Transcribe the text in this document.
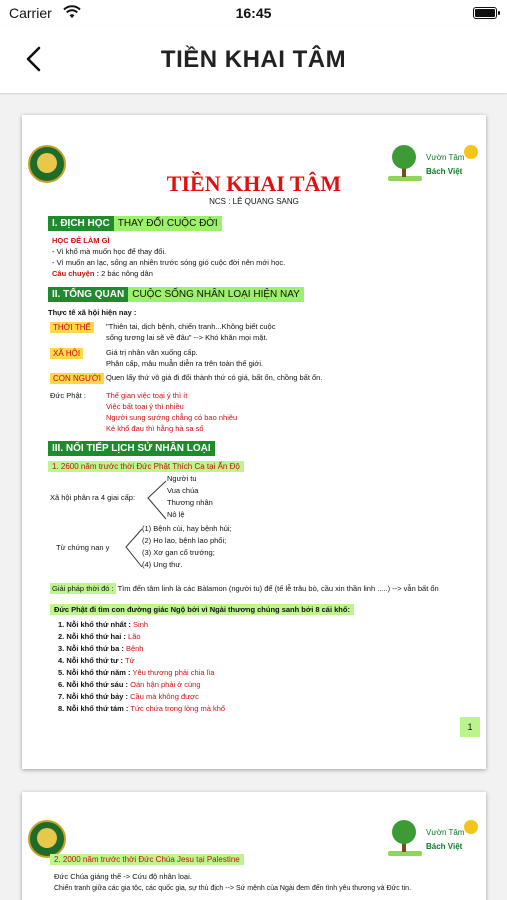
Carrier	16:45
TIỀN KHAI TÂM
Vườn Tâm
Bách Việt
TIỀN KHAI TÂM
NCS : LÊ QUANG SANG
I. ĐỊCH HỌC THAY ĐỔI CUỘC ĐỜI
HỌC ĐỂ LÀM GÌ
- Vì khổ mà muốn học để thay đổi.
- Vì muốn an lạc, sống an nhiên trước sóng gió cuộc đời nên mới học.
Câu chuyện : 2 bác nông dân
II. TỔNG QUAN CUỘC SỐNG NHÂN LOẠI HIỆN NAY
Thực tế xã hội hiện nay :
THỜI THẾ	"Thiên tai, dịch bệnh, chiến tranh...Không biết cuộc
sống tương lai sẽ về đâu" --> Khó khăn mọi mặt.
XÃ HỘI	Giá trị nhân văn xuống cấp.
Phân cấp, mâu muẫn diễn ra trên toàn thế giới.
CON NGƯỜI Quen lấy thứ vô giá đi đổi thành thứ có giá, bất ổn, chồng bất ổn.
Đức Phật :	Thế gian việc toại ý thì ít
Việc bất toại ý thì nhiều
Người sung sướng chẳng có bao nhiêu
Kẻ khổ đau thì hằng hà sa số
III. NỐI TIẾP LỊCH SỬ NHÂN LOẠI
1. 2600 năm trước thời Đức Phật Thích Ca tại Ấn Độ
Xã hội phân ra 4 giai cấp:
Người tu
Vua chúa
Thương nhân
Nô lệ
Từ chứng nan y
(1) Bệnh cùi, hay bệnh hủi;
(2) Ho lao, bệnh lao phổi;
(3) Xơ gan cổ trướng;
(4) Ung thư.
Giải pháp thời đó : Tìm đến tâm linh là các Bàlamon (người tu) để (tế lễ trâu bò, cầu xin thần linh .....) --> vẫn bất ổn
Đức Phật đi tìm con đường giác Ngộ bởi vì Ngài thương chúng sanh bởi 8 cái khổ:
1. Nỗi khổ thứ nhất : Sinh
2. Nỗi khổ thứ hai : Lão
3. Nỗi khổ thứ ba : Bệnh
4. Nỗi khổ thứ tư : Tử
5. Nỗi khổ thứ năm : Yêu thương phải chia lìa
6. Nỗi khổ thứ sáu : Oán hận phải ở cùng
7. Nỗi khổ thứ bảy : Cầu mà không được
8. Nỗi khổ thứ tám : Tức chứa trong lòng mà khổ
1
Vườn Tâm
Bách Việt
2. 2000 năm trước thời Đức Chúa Jesu tại Palestine
Đức Chúa giáng thế -> Cứu độ nhân loại.
Chiến tranh giữa các gia tộc, các quốc gia, sự thù địch --> Sứ mệnh của Ngài đem đến tình yêu thương và Đức tin.
